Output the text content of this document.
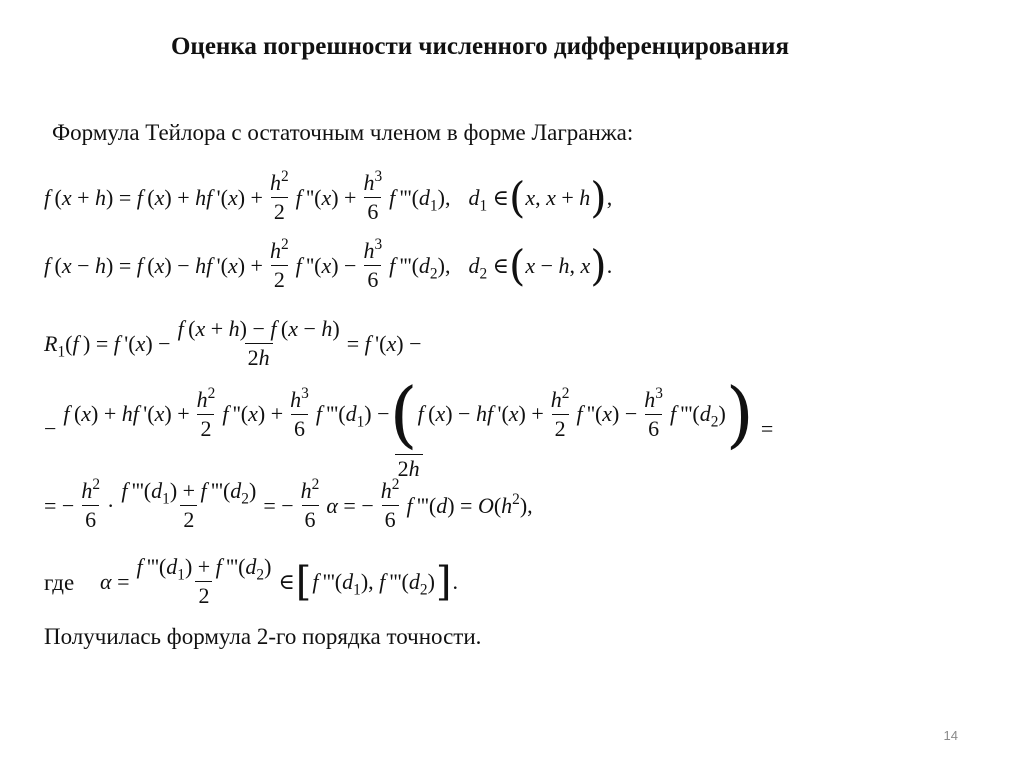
Оценка погрешности численного дифференцирования
Формула Тейлора с остаточным членом в форме Лагранжа:
f (x + h) = f (x) + hf '$(x) + \frac{h^2}{2}$ f ''$(x) + \frac{h^3}{6}$ f '''$(d_1)$, $d_1$ ∈ ( x, x + h ) ,
f (x − h) = f (x) − hf '$(x) + \frac{h^2}{2}$ f ''$(x) - \frac{h^3}{6}$ f '''$(d_2)$, $d_2$ ∈ ( x − h, x ) .
$R_1(f$ ) = f '$(x) - \frac{f (x + h) - f (x - h)}{2h} = f$ '(x) −
−
f (x) + hf '$(x) + \frac{h^2}{2}$ f ''$(x) + \frac{h^3}{6}$ f '''$(d_1)$ − ( f (x) − hf '$(x) + \frac{h^2}{2}$ f ''$(x) - \frac{h^3}{6}$ f '''$(d_2)$ )
2h
=
= − $\frac{h^2}{6} \cdot \frac{f '''(d_1) + f '''(d_2)}{2}$ = − $\frac{h^2}{6}$ α = − $\frac{h^2}{6}$ f '''$(d) = O(h^2)$,
где $\alpha = \frac{f '''(d_1) + f '''(d_2)}{2}$ ∈ [ f '''$(d_1)$, f '''$(d_2)$ ] .
Получилась формула 2-го порядка точности.
14
